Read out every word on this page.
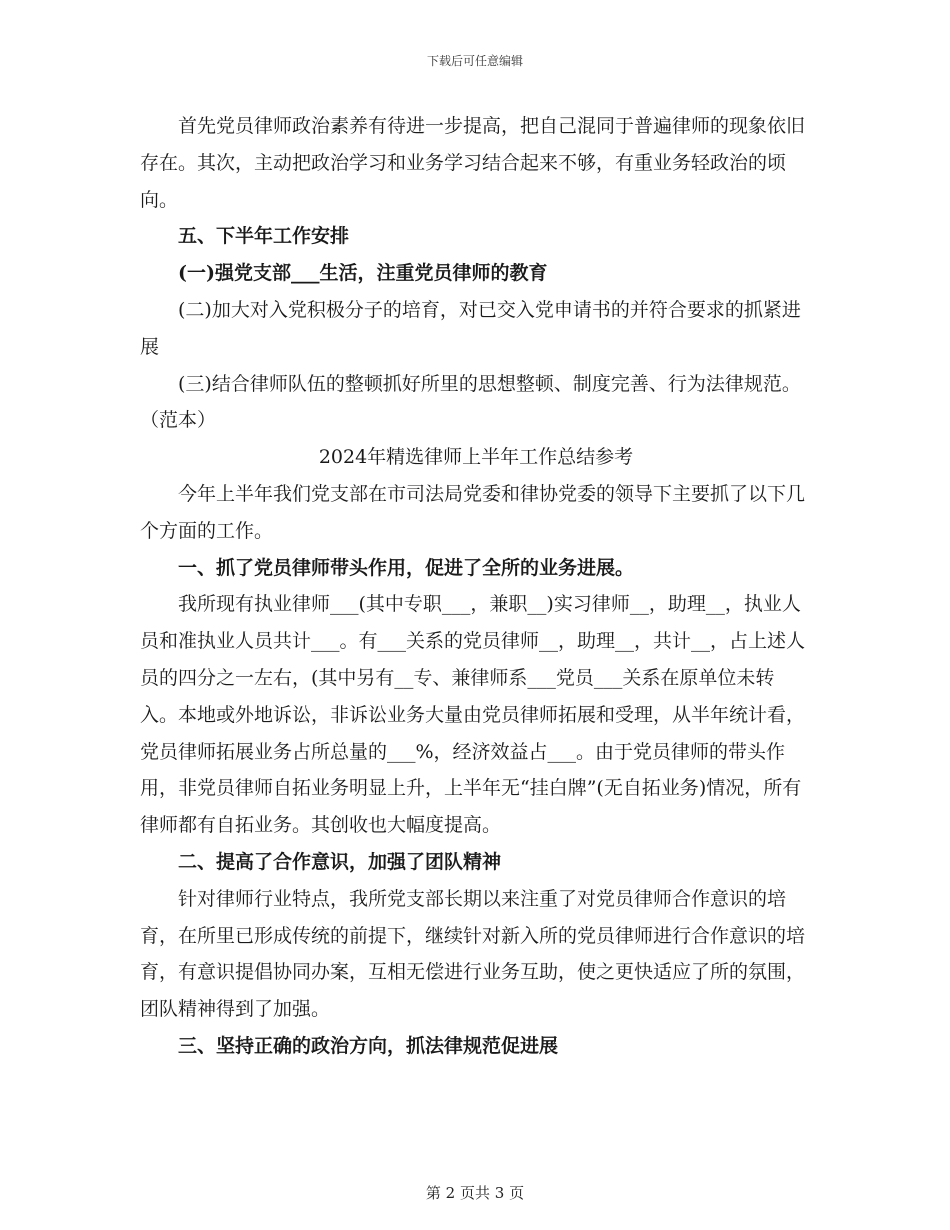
下载后可任意编辑

首先党员律师政治素养有待进一步提高，把自己混同于普遍律师的现象依旧存在。其次，主动把政治学习和业务学习结合起来不够，有重业务轻政治的顷向。

五、下半年工作安排

(一)强党支部___生活，注重党员律师的教育

(二)加大对入党积极分子的培育，对已交入党申请书的并符合要求的抓紧进展

(三)结合律师队伍的整顿抓好所里的思想整顿、制度完善、行为法律规范。（范本）

2024年精选律师上半年工作总结参考

今年上半年我们党支部在市司法局党委和律协党委的领导下主要抓了以下几个方面的工作。

一、抓了党员律师带头作用，促进了全所的业务进展。

我所现有执业律师___(其中专职___，兼职__)实习律师__，助理__，执业人员和准执业人员共计___。有___关系的党员律师__，助理__，共计__，占上述人员的四分之一左右，(其中另有__专、兼律师系___党员___关系在原单位未转入。本地或外地诉讼，非诉讼业务大量由党员律师拓展和受理，从半年统计看，党员律师拓展业务占所总量的___%，经济效益占___。由于党员律师的带头作用，非党员律师自拓业务明显上升，上半年无“挂白牌”(无自拓业务)情况，所有律师都有自拓业务。其创收也大幅度提高。

二、提高了合作意识，加强了团队精神

针对律师行业特点，我所党支部长期以来注重了对党员律师合作意识的培育，在所里已形成传统的前提下，继续针对新入所的党员律师进行合作意识的培育，有意识提倡协同办案，互相无偿进行业务互助，使之更快适应了所的氛围，团队精神得到了加强。

三、坚持正确的政治方向，抓法律规范促进展

第 2 页共 3 页
